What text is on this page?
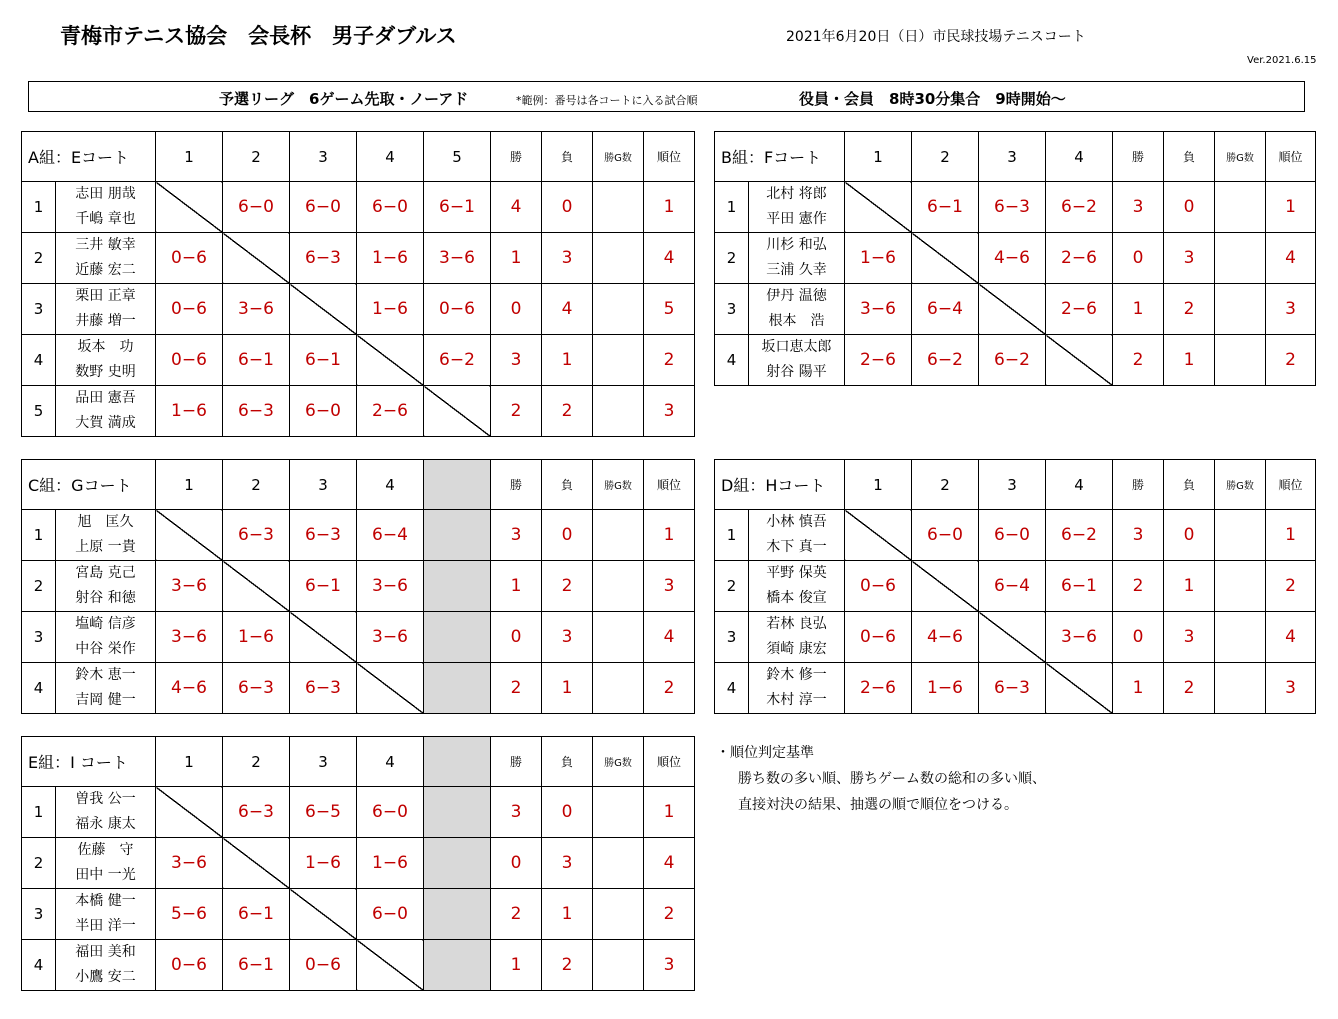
青梅市テニス協会　会長杯　男子ダブルス	2021年6月20日（日）市民球技場テニスコート
Ver.2021.6.15
予選リーグ　6ゲーム先取・ノーアド	*範例：番号は各コートに入る試合順	役員・会員　8時30分集合　9時開始～
A組：Eコート		1	2	3	4	5	勝	負	勝G数	順位
1	志田 朋哉
千嶋 章也		6−0	6−0	6−0	6−1	4	0		1
2	三井 敏幸
近藤 宏二	0−6		6−3	1−6	3−6	1	3		4
3	栗田 正章
井藤 増一	0−6	3−6		1−6	0−6	0	4		5
4	坂本　功
数野 史明	0−6	6−1	6−1		6−2	3	1		2
5	品田 憲吾
大賀 満成	1−6	6−3	6−0	2−6		2	2		3
B組：Fコート		1	2	3	4	勝	負	勝G数	順位
1	北村 将郎
平田 憲作		6−1	6−3	6−2	3	0		1
2	川杉 和弘
三浦 久幸	1−6		4−6	2−6	0	3		4
3	伊丹 温徳
根本　浩	3−6	6−4		2−6	1	2		3
4	坂口恵太郎
射谷 陽平	2−6	6−2	6−2		2	1		2
C組：Gコート		1	2	3	4		勝	負	勝G数	順位
1	旭　匡久
上原 一貴		6−3	6−3	6−4		3	0		1
2	宮島 克己
射谷 和徳	3−6		6−1	3−6		1	2		3
3	塩崎 信彦
中谷 栄作	3−6	1−6		3−6		0	3		4
4	鈴木 恵一
吉岡 健一	4−6	6−3	6−3			2	1		2
D組：Hコート		1	2	3	4	勝	負	勝G数	順位
1	小林 慎吾
木下 真一		6−0	6−0	6−2	3	0		1
2	平野 保英
橋本 俊宣	0−6		6−4	6−1	2	1		2
3	若林 良弘
須崎 康宏	0−6	4−6		3−6	0	3		4
4	鈴木 修一
木村 淳一	2−6	1−6	6−3		1	2		3
E組：I コート		1	2	3	4		勝	負	勝G数	順位
1	曽我 公一
福永 康太		6−3	6−5	6−0		3	0		1
2	佐藤　守
田中 一光	3−6		1−6	1−6		0	3		4
3	本橋 健一
半田 洋一	5−6	6−1		6−0		2	1		2
4	福田 美和
小鷹 安二	0−6	6−1	0−6			1	2		3
・順位判定基準
勝ち数の多い順、勝ちゲーム数の総和の多い順、
直接対決の結果、抽選の順で順位をつける。
